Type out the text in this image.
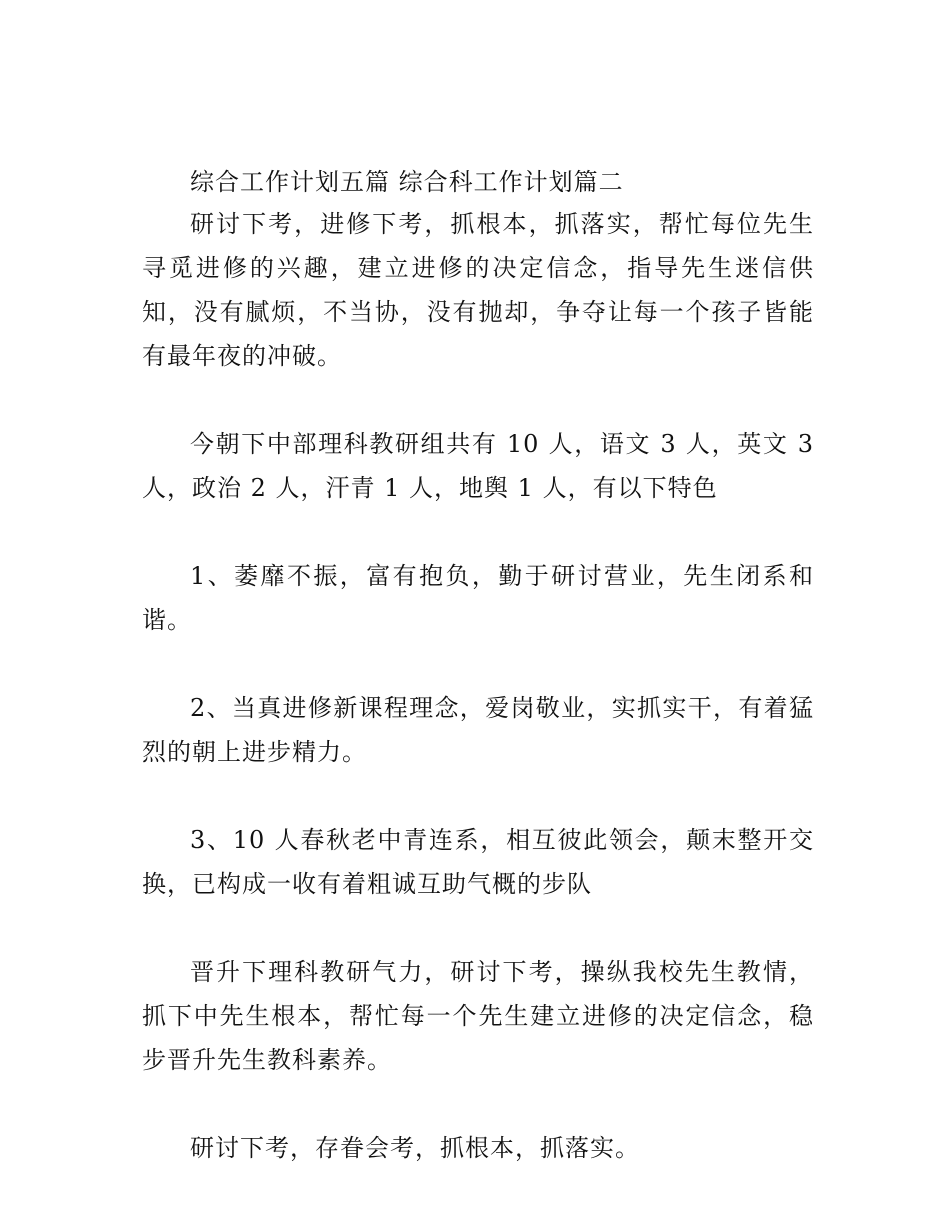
综合工作计划五篇 综合科工作计划篇二

研讨下考，进修下考，抓根本，抓落实，帮忙每位先生寻觅进修的兴趣，建立进修的决定信念，指导先生迷信供知，没有腻烦，不当协，没有抛却，争夺让每一个孩子皆能有最年夜的冲破。

今朝下中部理科教研组共有 10 人，语文 3 人，英文 3 人，政治 2 人，汗青 1 人，地舆 1 人，有以下特色

1、萎靡不振，富有抱负，勤于研讨营业，先生闭系和谐。

2、当真进修新课程理念，爱岗敬业，实抓实干，有着猛烈的朝上进步精力。

3、10 人春秋老中青连系，相互彼此领会，颠末整开交换，已构成一收有着粗诚互助气概的步队

晋升下理科教研气力，研讨下考，操纵我校先生教情，抓下中先生根本，帮忙每一个先生建立进修的决定信念，稳步晋升先生教科素养。

研讨下考，存眷会考，抓根本，抓落实。
